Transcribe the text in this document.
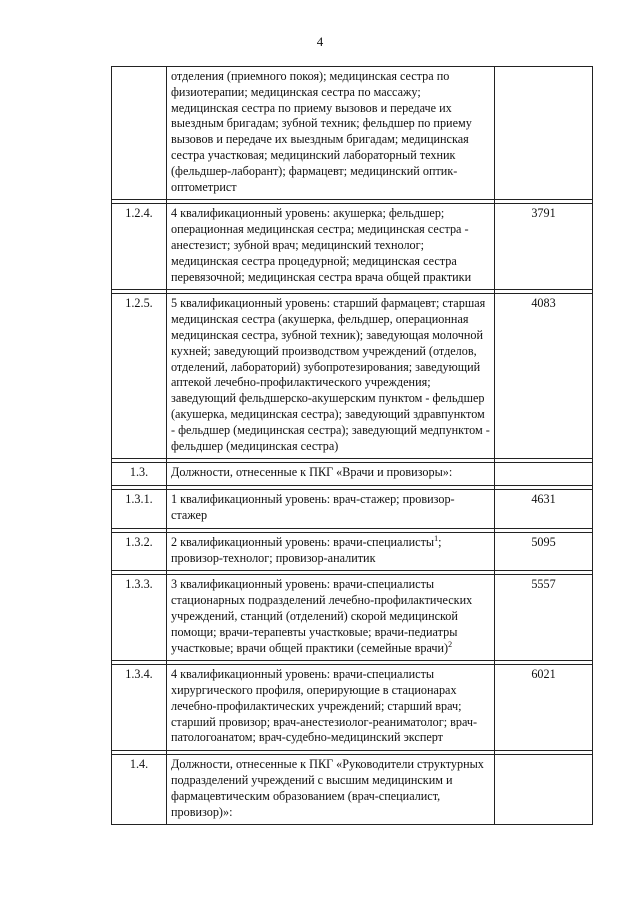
4
	отделения (приемного покоя); медицинская сестра по физиотерапии; медицинская сестра по массажу; медицинская сестра по приему вызовов и передаче их выездным бригадам; зубной техник; фельдшер по приему вызовов и передаче их выездным бригадам; медицинская сестра участковая; медицинский лабораторный техник (фельдшер-лаборант); фармацевт; медицинский оптик-оптометрист	

1.2.4.	4 квалификационный уровень: акушерка; фельдшер; операционная медицинская сестра; медицинская сестра - анестезист; зубной врач; медицинский технолог; медицинская сестра процедурной; медицинская сестра перевязочной; медицинская сестра врача общей практики	3791

1.2.5.	5 квалификационный уровень: старший фармацевт; старшая медицинская сестра (акушерка, фельдшер, операционная медицинская сестра, зубной техник); заведующая молочной кухней; заведующий производством учреждений (отделов, отделений, лабораторий) зубопротезирования; заведующий аптекой лечебно-профилактического учреждения; заведующий фельдшерско-акушерским пунктом - фельдшер (акушерка, медицинская сестра); заведующий здравпунктом - фельдшер (медицинская сестра); заведующий медпунктом - фельдшер (медицинская сестра)	4083

1.3.	Должности, отнесенные к ПКГ «Врачи и провизоры»:	

1.3.1.	1 квалификационный уровень: врач-стажер; провизор-стажер	4631

1.3.2.	2 квалификационный уровень: врачи-специалисты$^1$; провизор-технолог; провизор-аналитик	5095

1.3.3.	3 квалификационный уровень: врачи-специалисты стационарных подразделений лечебно-профилактических учреждений, станций (отделений) скорой медицинской помощи; врачи-терапевты участковые; врачи-педиатры участковые; врачи общей практики (семейные врачи)$^2$	5557

1.3.4.	4 квалификационный уровень: врачи-специалисты хирургического профиля, оперирующие в стационарах лечебно-профилактических учреждений; старший врач; старший провизор; врач-анестезиолог-реаниматолог; врач-патологоанатом; врач-судебно-медицинский эксперт	6021

1.4.	Должности, отнесенные к ПКГ «Руководители структурных подразделений учреждений с высшим медицинским и фармацевтическим образованием (врач-специалист, провизор)»:	
